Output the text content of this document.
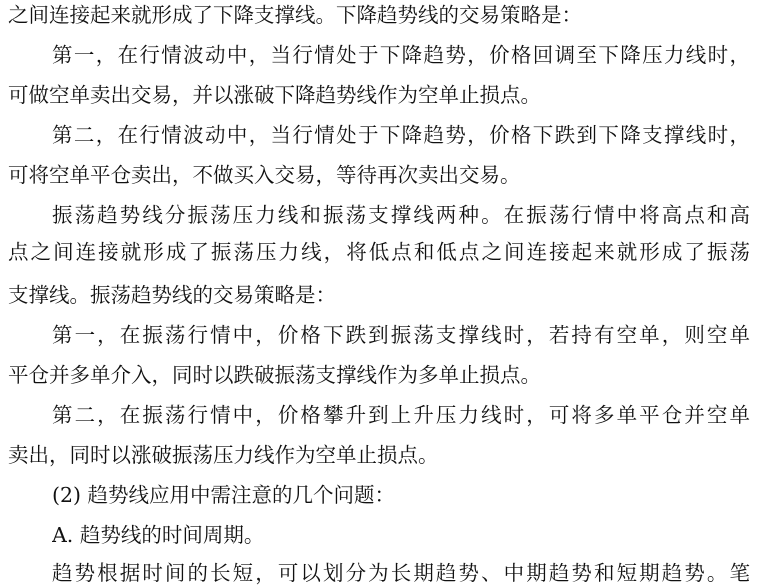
之间连接起来就形成了下降支撑线。下降趋势线的交易策略是：
第一，在行情波动中，当行情处于下降趋势，价格回调至下降压力线时，
可做空单卖出交易，并以涨破下降趋势线作为空单止损点。
第二，在行情波动中，当行情处于下降趋势，价格下跌到下降支撑线时，
可将空单平仓卖出，不做买入交易，等待再次卖出交易。
振荡趋势线分振荡压力线和振荡支撑线两种。在振荡行情中将高点和高
点之间连接就形成了振荡压力线，将低点和低点之间连接起来就形成了振荡
支撑线。振荡趋势线的交易策略是：
第一，在振荡行情中，价格下跌到振荡支撑线时，若持有空单，则空单
平仓并多单介入，同时以跌破振荡支撑线作为多单止损点。
第二，在振荡行情中，价格攀升到上升压力线时，可将多单平仓并空单
卖出，同时以涨破振荡压力线作为空单止损点。
(2) 趋势线应用中需注意的几个问题：
A. 趋势线的时间周期。
趋势根据时间的长短，可以划分为长期趋势、中期趋势和短期趋势。笔
